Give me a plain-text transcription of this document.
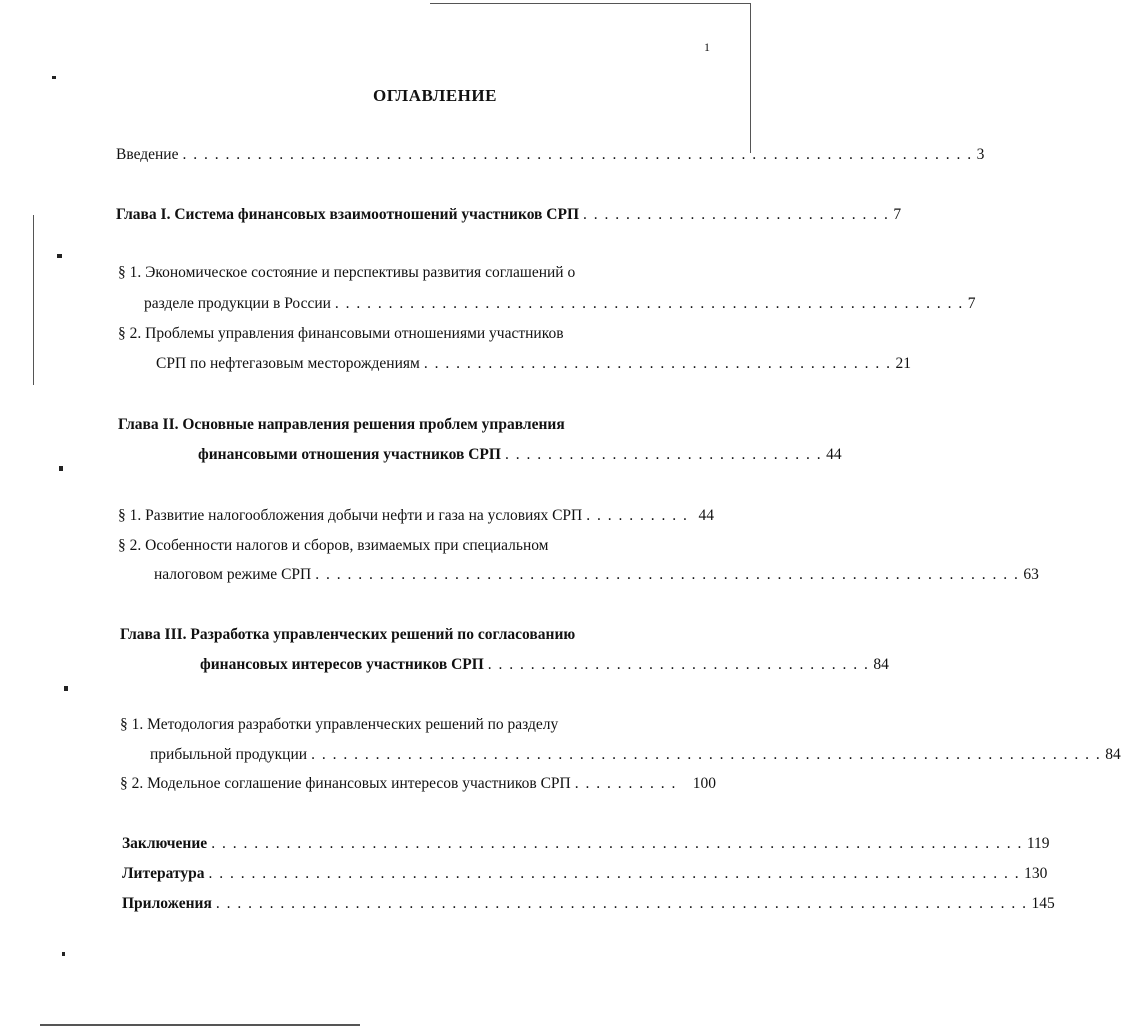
1
ОГЛАВЛЕНИЕ
Введение . . . . . . . . . . . . . . . . . . . . . . . . . . . . . . . . . . . . . . . . . . . . . . . . . . . . . . . . . . . . . . . . . . . . . . . . . . 3
Глава I. Система финансовых взаимоотношений участников СРП . . . . . . . . . . . . . . . . . . . . . . . . . . . . . 7
§ 1. Экономическое состояние и перспективы развития соглашений о
разделе продукции в России . . . . . . . . . . . . . . . . . . . . . . . . . . . . . . . . . . . . . . . . . . . . . . . . . . . . . . . . . . . 7
§ 2. Проблемы управления финансовыми отношениями участников
СРП по нефтегазовым месторождениям . . . . . . . . . . . . . . . . . . . . . . . . . . . . . . . . . . . . . . . . . . . . 21
Глава II. Основные направления решения проблем управления
финансовыми отношения участников СРП . . . . . . . . . . . . . . . . . . . . . . . . . . . . . . 44
§ 1. Развитие налогообложения добычи нефти и газа на условиях СРП . . . . . . . . . . 44
§ 2. Особенности налогов и сборов, взимаемых при специальном
налоговом режиме СРП . . . . . . . . . . . . . . . . . . . . . . . . . . . . . . . . . . . . . . . . . . . . . . . . . . . . . . . . . . . . . . . . . . 63
Глава III. Разработка управленческих решений по согласованию
финансовых интересов участников СРП . . . . . . . . . . . . . . . . . . . . . . . . . . . . . . . . . . . . 84
§ 1. Методология разработки управленческих решений по разделу
прибыльной продукции . . . . . . . . . . . . . . . . . . . . . . . . . . . . . . . . . . . . . . . . . . . . . . . . . . . . . . . . . . . . . . . . . . . . . . . . . . 84
§ 2. Модельное соглашение финансовых интересов участников СРП . . . . . . . . . .	100
Заключение . . . . . . . . . . . . . . . . . . . . . . . . . . . . . . . . . . . . . . . . . . . . . . . . . . . . . . . . . . . . . . . . . . . . . . . . . . . . 119
Литература . . . . . . . . . . . . . . . . . . . . . . . . . . . . . . . . . . . . . . . . . . . . . . . . . . . . . . . . . . . . . . . . . . . . . . . . . . . . 130
Приложения . . . . . . . . . . . . . . . . . . . . . . . . . . . . . . . . . . . . . . . . . . . . . . . . . . . . . . . . . . . . . . . . . . . . . . . . . . . . 145
